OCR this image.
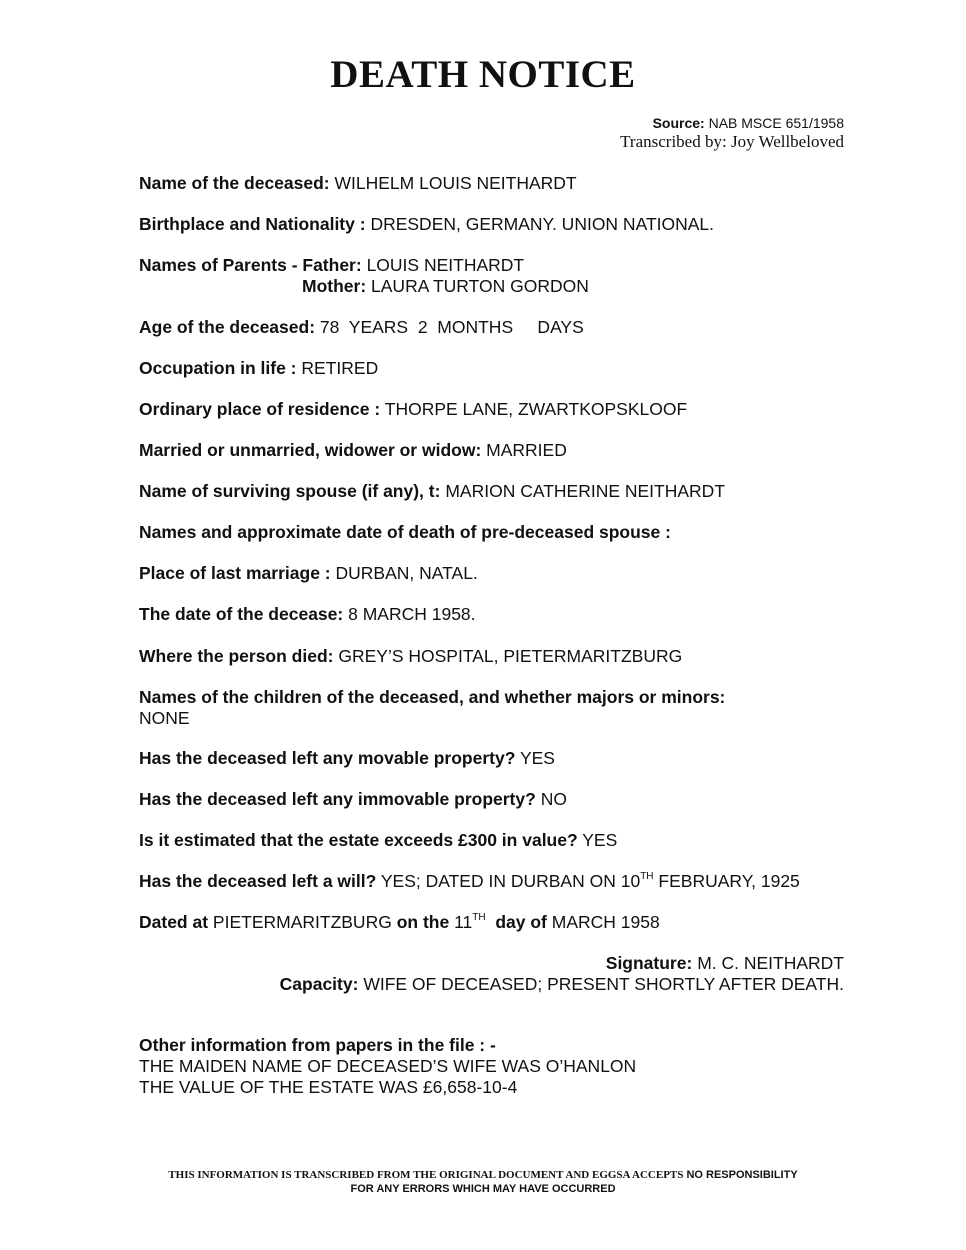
DEATH NOTICE
Source: NAB MSCE 651/1958
Transcribed by: Joy Wellbeloved
Name of the deceased: WILHELM LOUIS NEITHARDT
Birthplace and Nationality : DRESDEN, GERMANY. UNION NATIONAL.
Names of Parents - Father: LOUIS NEITHARDT
Mother: LAURA TURTON GORDON
Age of the deceased: 78  YEARS  2  MONTHS     DAYS
Occupation in life : RETIRED
Ordinary place of residence : THORPE LANE, ZWARTKOPSKLOOF
Married or unmarried, widower or widow: MARRIED
Name of surviving spouse (if any), t: MARION CATHERINE NEITHARDT
Names and approximate date of death of pre-deceased spouse :
Place of last marriage : DURBAN, NATAL.
The date of the decease: 8 MARCH 1958.
Where the person died: GREY’S HOSPITAL, PIETERMARITZBURG
Names of the children of the deceased, and whether majors or minors:
NONE
Has the deceased left any movable property? YES
Has the deceased left any immovable property? NO
Is it estimated that the estate exceeds £300 in value? YES
Has the deceased left a will? YES; DATED IN DURBAN ON 10TH FEBRUARY, 1925
Dated at PIETERMARITZBURG on the 11TH day of MARCH 1958
Signature: M. C. NEITHARDT
Capacity: WIFE OF DECEASED; PRESENT SHORTLY AFTER DEATH.
Other information from papers in the file : -
THE MAIDEN NAME OF DECEASED’S WIFE WAS O’HANLON
THE VALUE OF THE ESTATE WAS £6,658-10-4
THIS INFORMATION IS TRANSCRIBED FROM THE ORIGINAL DOCUMENT AND EGGSA ACCEPTS NO RESPONSIBILITY
FOR ANY ERRORS WHICH MAY HAVE OCCURRED
